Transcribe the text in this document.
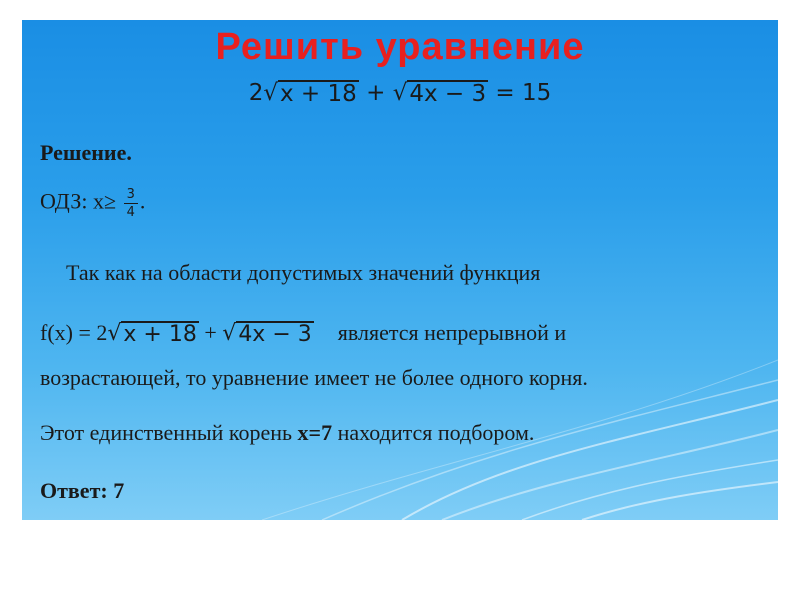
Решить уравнение
2 √ x + 18 + √ 4x − 3 = 15
Решение.
ОДЗ: $x\ge \frac{3}{4}$ .
Так как на области допустимых значений функция
f(x) = 2 √ x + 18 + √ 4x − 3 является непрерывной и
возрастающей, то уравнение имеет не более одного корня.
Этот единственный корень x=7 находится подбором.
Ответ: 7
